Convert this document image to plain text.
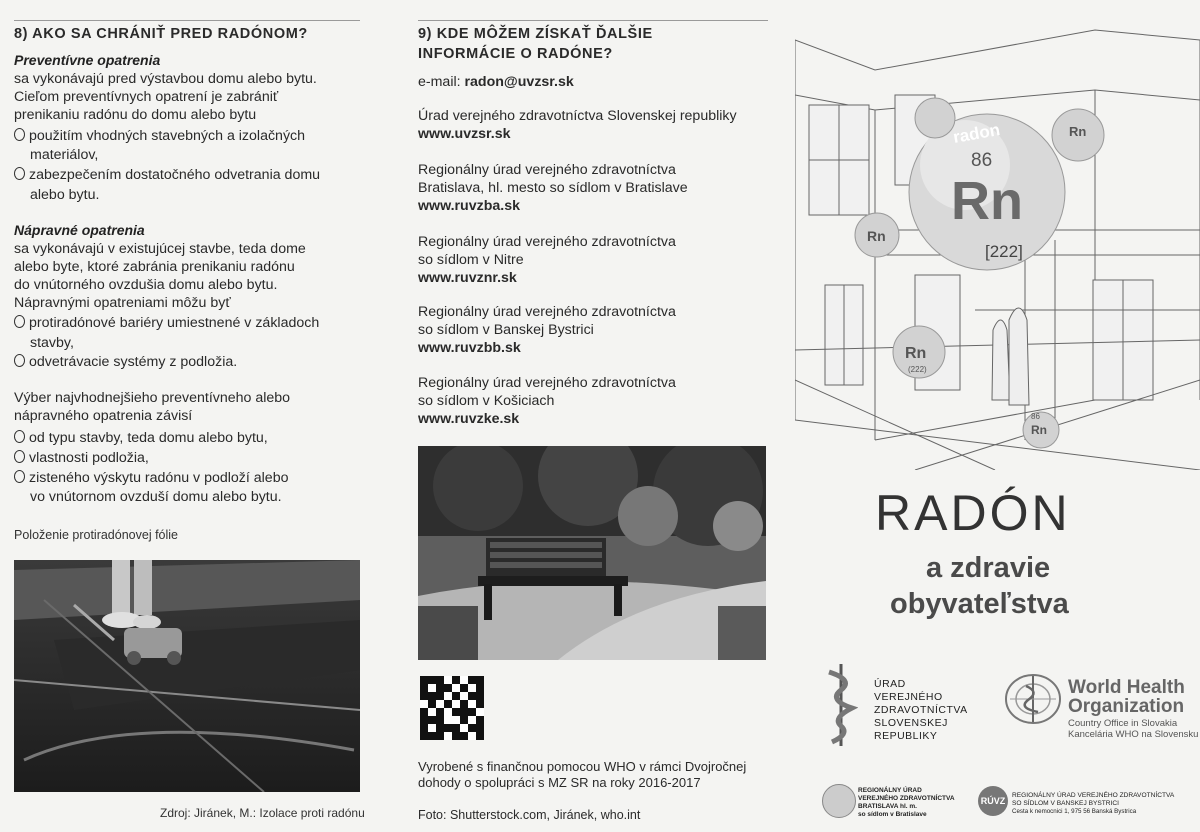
8) AKO SA CHRÁNIŤ PRED RADÓNOM?
Preventívne opatrenia
sa vykonávajú pred výstavbou domu alebo bytu.
Cieľom preventívnych opatrení je zabrániť
prenikaniu radónu do domu alebo bytu
použitím vhodných stavebných a izolačných
materiálov,
zabezpečením dostatočného odvetrania domu
alebo bytu.
Nápravné opatrenia
sa vykonávajú v existujúcej stavbe, teda dome
alebo byte, ktoré zabránia prenikaniu radónu
do vnútorného ovzdušia domu alebo bytu.
Nápravnými opatreniami môžu byť
protiradónové bariéry umiestnené v základoch
stavby,
odvetrávacie systémy z podložia.
Výber najvhodnejšieho preventívneho alebo
nápravného opatrenia závisí
od typu stavby, teda domu alebo bytu,
vlastnosti podložia,
zisteného výskytu radónu v podloží alebo
vo vnútornom ovzduší domu alebo bytu.
Položenie protiradónovej fólie
Zdroj: Jiránek, M.: Izolace proti radónu
9) KDE MÔŽEM ZÍSKAŤ ĎALŠIE
INFORMÁCIE O RADÓNE?
e-mail: radon@uvzsr.sk
Úrad verejného zdravotníctva Slovenskej republiky
www.uvzsr.sk
Regionálny úrad verejného zdravotníctva
Bratislava, hl. mesto so sídlom v Bratislave
www.ruvzba.sk
Regionálny úrad verejného zdravotníctva
so sídlom v Nitre
www.ruvznr.sk
Regionálny úrad verejného zdravotníctva
so sídlom v Banskej Bystrici
www.ruvzbb.sk
Regionálny úrad verejného zdravotníctva
so sídlom v Košiciach
www.ruvzke.sk
Vyrobené s finančnou pomocou WHO v rámci Dvojročnej
dohody o spolupráci s MZ SR na roky 2016-2017
Foto: Shutterstock.com, Jiránek, who.int
radon
86
Rn
[222]
Rn
Rn
Rn
(222)
Rn
86
RADÓN
a zdravie
obyvateľstva
ÚRAD
VEREJNÉHO
ZDRAVOTNÍCTVA
SLOVENSKEJ
REPUBLIKY
World Health
Organization
Country Office in Slovakia
Kancelária WHO na Slovensku
REGIONÁLNY ÚRAD
VEREJNÉHO ZDRAVOTNÍCTVA
BRATISLAVA hl. m.
so sídlom v Bratislave
RÚVZ
REGIONÁLNY ÚRAD VEREJNÉHO ZDRAVOTNÍCTVA
SO SÍDLOM V BANSKEJ BYSTRICI
Cesta k nemocnici 1, 975 56 Banská Bystrica
